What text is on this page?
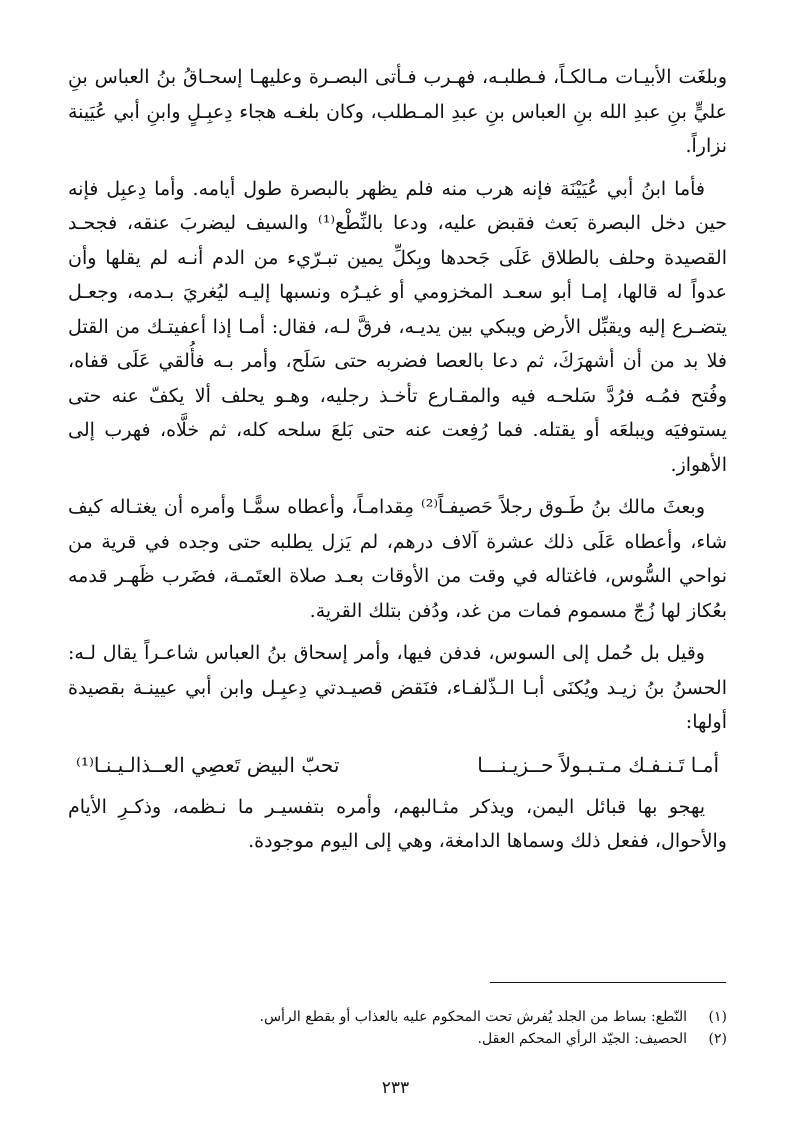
وبلغَت الأبيـات مـالكـاً، فـطلبـه، فهـرب فـأتى البصـرة وعليهـا إسحـاقُ بنُ العباس بنِ عليٍّ بنِ عبدِ الله بنِ العباس بنِ عبدِ المـطلب، وكان بلغـه هجاء دِعبِـلٍ وابنِ أبي عُيَينة نزاراً.

فأما ابنُ أبي عُيَيْنَة فإنه هرب منه فلم يظهر بالبصرة طول أيامه. وأما دِعبِل فإنه حين دخل البصرة بَعث فقبض عليه، ودعا بالنِّطْع⁽¹⁾ والسيف ليضربَ عنقه، فجحـد القصيدة وحلف بالطلاق عَلَى جَحدها وبِكلِّ يمين تبـرّيء من الدم أنـه لم يقلها وأن عدواً له قالها، إمـا أبو سعـد المخزومي أو غيـرُه ونسبها إليـه ليُغريَ بـدمه، وجعـل يتضـرع إليه ويقبِّل الأرض ويبكي بين يديـه، فرقَّ لـه، فقال: أمـا إذا أعفيتـك من القتل فلا بد من أن أشهرَكَ، ثم دعا بالعصا فضربه حتى سَلَح، وأمر بـه فأُلقي عَلَى قفاه، وفُتح فمُـه فرُدَّ سَلحـه فيه والمقـارع تأخـذ رجليه، وهـو يحلف ألا يكفّ عنه حتى يستوفيَه ويبلعَه أو يقتله. فما رُفِعت عنه حتى بَلعَ سلحه كله، ثم خلَّاه، فهرب إلى الأهواز.

وبعثَ مالك بنُ طَـوق رجلاً حَصيفـاً⁽²⁾ مِقدامـاً، وأعطاه سمًّـا وأمره أن يغتـاله كيف شاء، وأعطاه عَلَى ذلك عشرة آلاف درهم، لم يَزل يطلبه حتى وجده في قرية من نواحي السُّوس، فاغتاله في وقت من الأوقات بعـد صلاة العتَمـة، فضَرب ظَهـر قدمه بعُكاز لها زُجّ مسموم فمات من غد، ودُفن بتلك القرية.

وقيل بل حُمل إلى السوس، فدفن فيها، وأمر إسحاق بنُ العباس شاعـراً يقال لـه: الحسنُ بنُ زيـد ويُكنَى أبـا الـذّلفـاء، فنَقض قصيـدتي دِعبِـل وابن أبي عيينـة بقصيدة أولها:

أمـا تَـنـفـك مـتـبـولاً حــزيـنـــا
تحبّ البيض تَعصِي العــذالـيـنـا⁽¹⁾

يهجو بها قبائل اليمن، ويذكر مثـالبهم، وأمره بتفسيـر ما نـظمه، وذكـرِ الأيام والأحوال، ففعل ذلك وسماها الدامغة، وهي إلى اليوم موجودة.

(١)
النّطع: بساط من الجلد يُفرش تحت المحكوم عليه بالعذاب أو بقطع الرأس.
(٢)
الحصيف: الجيّد الرأي المحكم العقل.
٢٣٣
